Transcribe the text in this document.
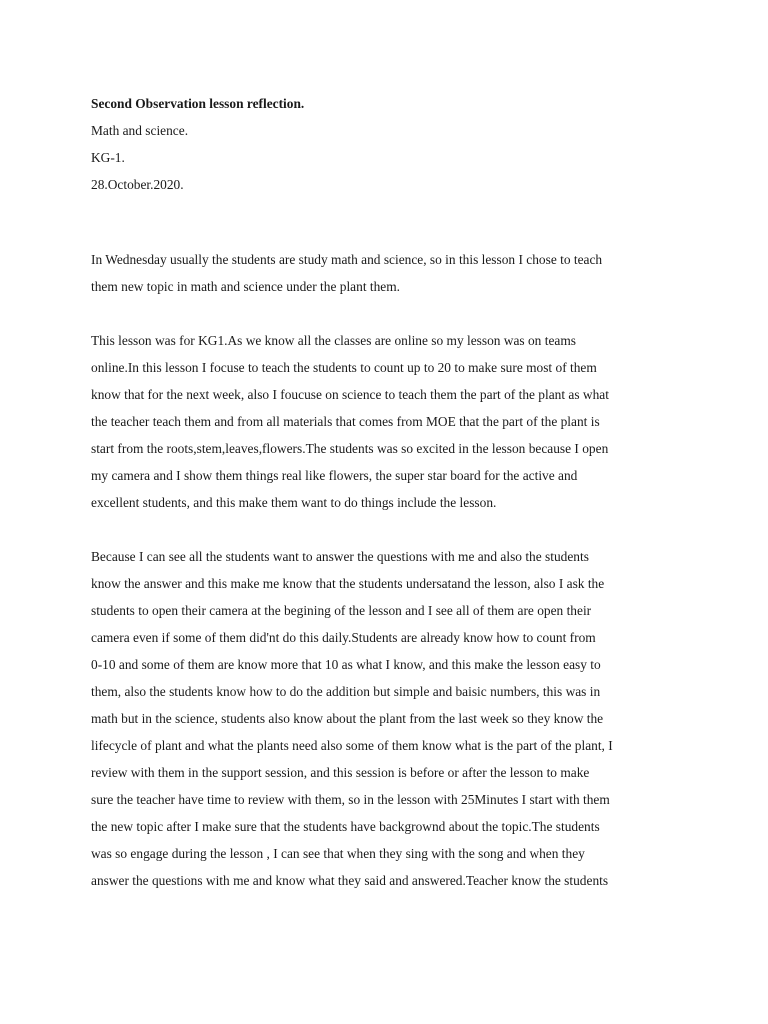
Second Observation lesson reflection.
Math and science.
KG-1.
28.October.2020.
In Wednesday usually the students are study math and science, so in this lesson I chose to teach
them new topic in math and science under the plant them.
This lesson was for KG1.As we know all the classes are online so my lesson was on teams
online.In this lesson I focuse to teach the students to count up to 20 to make sure most of them
know that for the next week, also I foucuse on science to teach them the part of the plant as what
the teacher teach them and from all materials that comes from MOE that the part of the plant is
start from the roots,stem,leaves,flowers.The students was so excited in the lesson because I open
my camera and I show them things real like flowers, the super star board for the active and
excellent students, and this make them want to do things include the lesson.
Because I can see all the students want to answer the questions with me and also the students
know the answer and this make me know that the students undersatand the lesson, also I ask the
students to open their camera at the begining of the lesson and I see all of them are open their
camera even if some of them did'nt do this daily.Students are already know how to count from
0-10 and some of them are know more that 10 as what I know, and this make the lesson easy to
them, also the students know how to do the addition but simple and baisic numbers, this was in
math but in the science, students also know about the plant from the last week so they know the
lifecycle of plant and what the plants need also some of them know what is the part of the plant, I
review with them in the support session, and this session is before or after the lesson to make
sure the teacher have time to review with them, so in the lesson with 25Minutes I start with them
the new topic after I make sure that the students have backgrownd about the topic.The students
was so engage during the lesson , I can see that when they sing with the song and when they
answer the questions with me and know what they said and answered.Teacher know the students
